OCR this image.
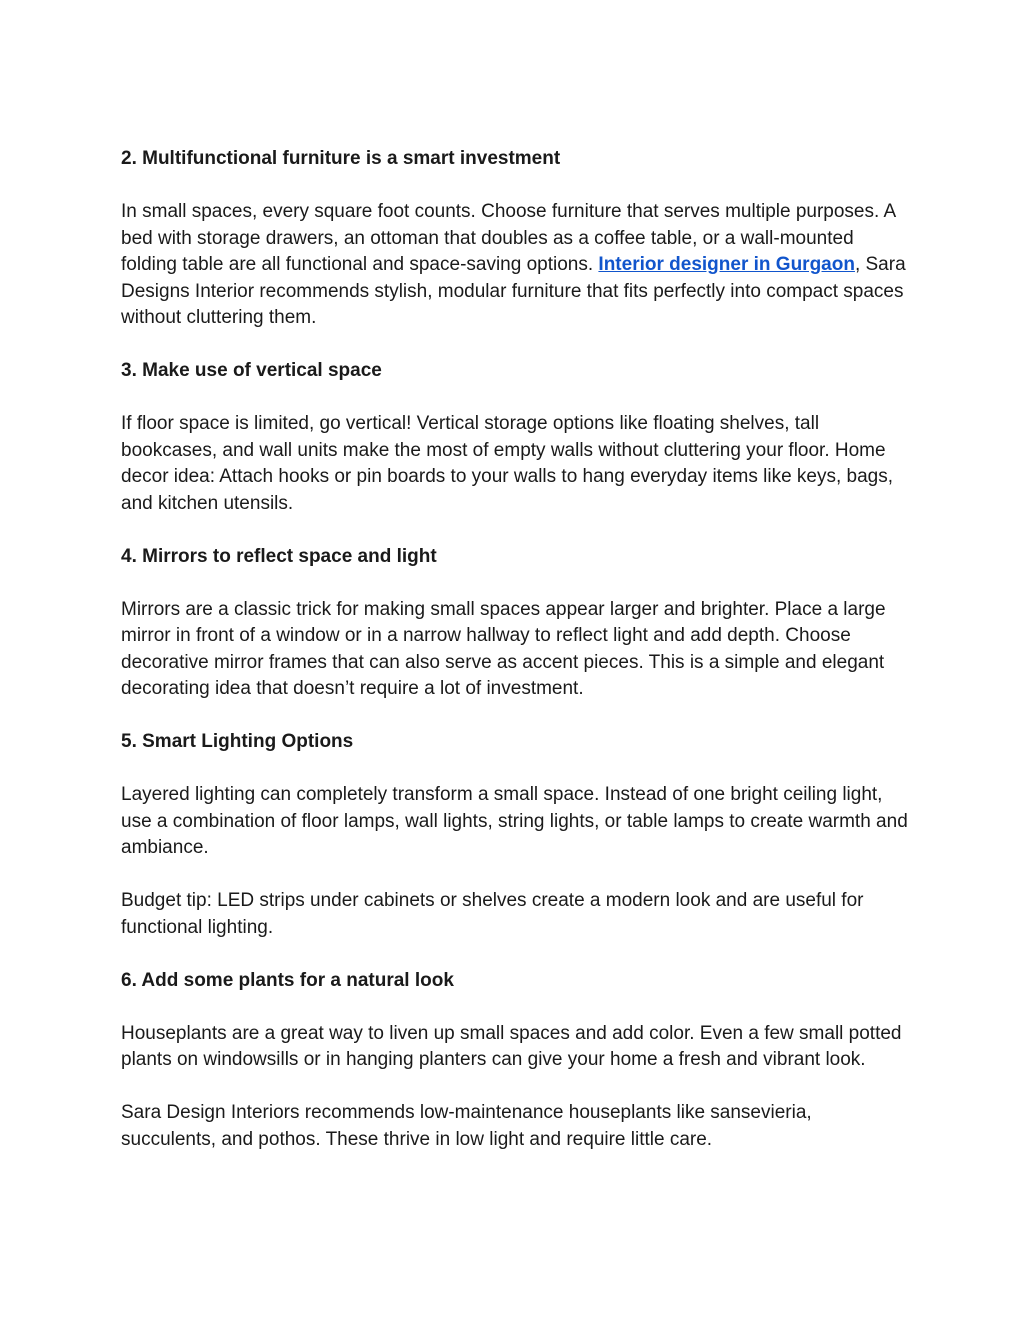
2. Multifunctional furniture is a smart investment

In small spaces, every square foot counts. Choose furniture that serves multiple purposes. A bed with storage drawers, an ottoman that doubles as a coffee table, or a wall-mounted folding table are all functional and space-saving options. Interior designer in Gurgaon, Sara Designs Interior recommends stylish, modular furniture that fits perfectly into compact spaces without cluttering them.

3. Make use of vertical space

If floor space is limited, go vertical! Vertical storage options like floating shelves, tall bookcases, and wall units make the most of empty walls without cluttering your floor. Home decor idea: Attach hooks or pin boards to your walls to hang everyday items like keys, bags, and kitchen utensils.

4. Mirrors to reflect space and light

Mirrors are a classic trick for making small spaces appear larger and brighter. Place a large mirror in front of a window or in a narrow hallway to reflect light and add depth. Choose decorative mirror frames that can also serve as accent pieces. This is a simple and elegant decorating idea that doesn’t require a lot of investment.

5. Smart Lighting Options

Layered lighting can completely transform a small space. Instead of one bright ceiling light, use a combination of floor lamps, wall lights, string lights, or table lamps to create warmth and ambiance.

Budget tip: LED strips under cabinets or shelves create a modern look and are useful for functional lighting.

6. Add some plants for a natural look

Houseplants are a great way to liven up small spaces and add color. Even a few small potted plants on windowsills or in hanging planters can give your home a fresh and vibrant look.

Sara Design Interiors recommends low-maintenance houseplants like sansevieria, succulents, and pothos. These thrive in low light and require little care.
